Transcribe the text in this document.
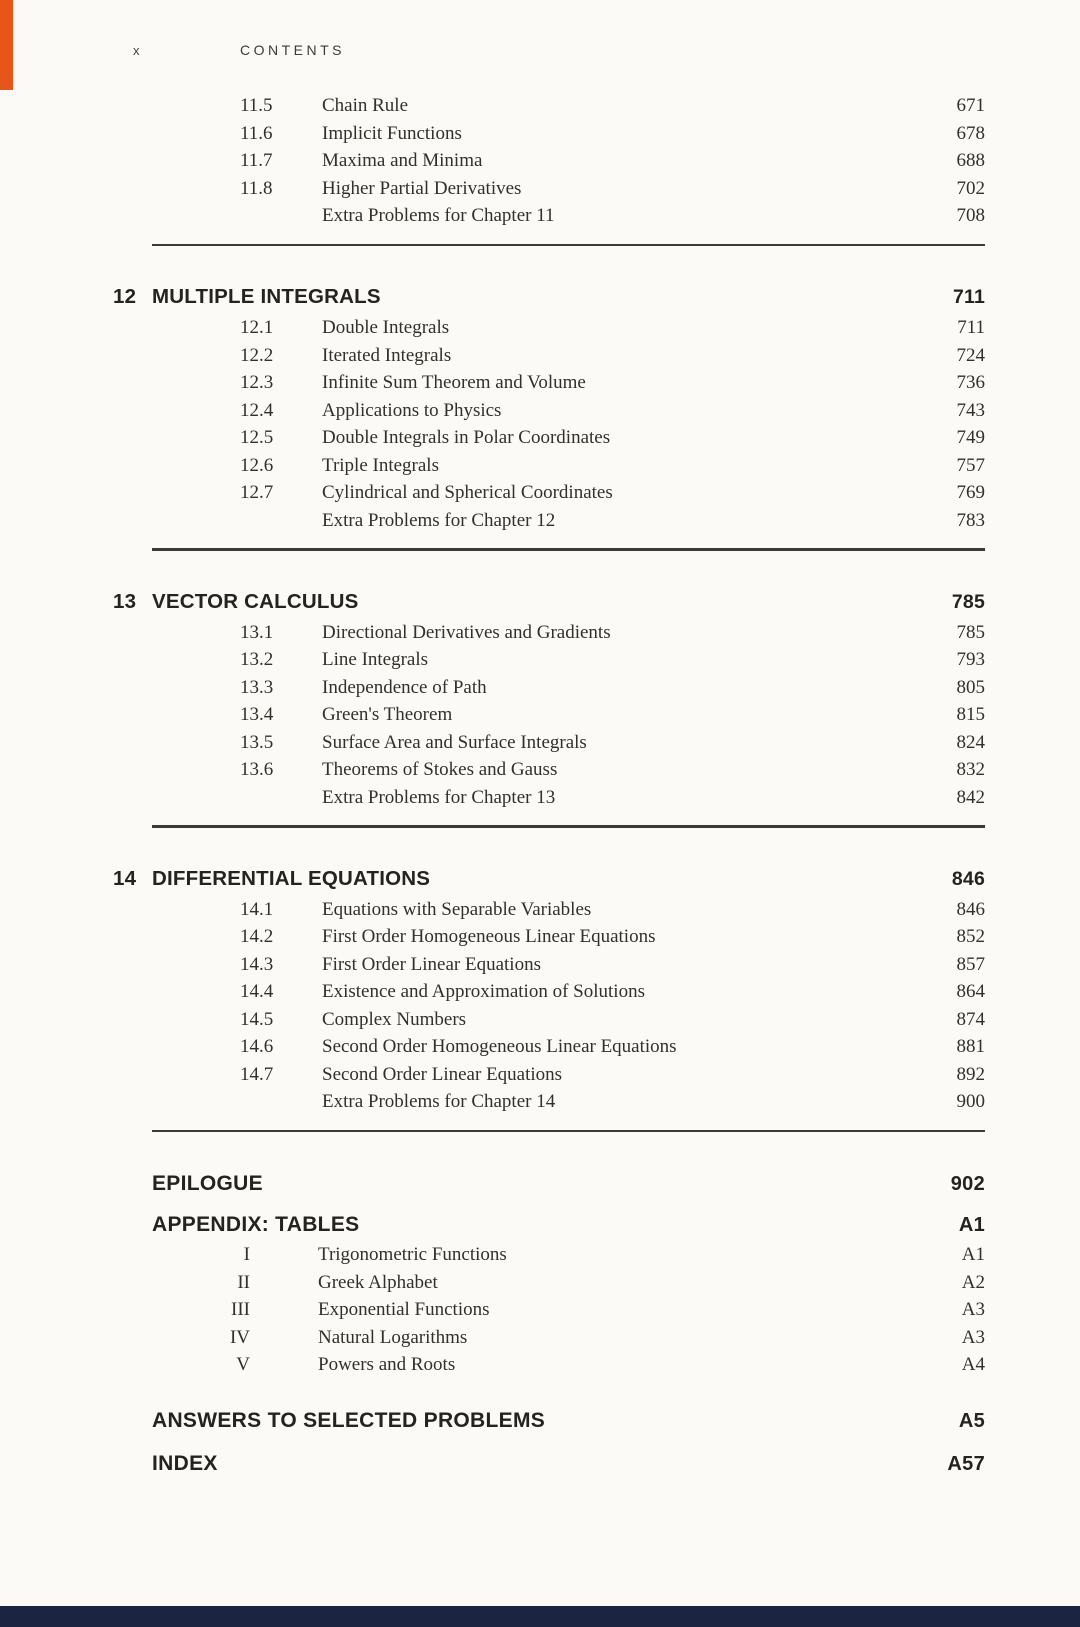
x	CONTENTS
11.5	Chain Rule	671
11.6	Implicit Functions	678
11.7	Maxima and Minima	688
11.8	Higher Partial Derivatives	702
Extra Problems for Chapter 11	708
12 MULTIPLE INTEGRALS	711
12.1	Double Integrals	711
12.2	Iterated Integrals	724
12.3	Infinite Sum Theorem and Volume	736
12.4	Applications to Physics	743
12.5	Double Integrals in Polar Coordinates	749
12.6	Triple Integrals	757
12.7	Cylindrical and Spherical Coordinates	769
Extra Problems for Chapter 12	783
13 VECTOR CALCULUS	785
13.1	Directional Derivatives and Gradients	785
13.2	Line Integrals	793
13.3	Independence of Path	805
13.4	Green's Theorem	815
13.5	Surface Area and Surface Integrals	824
13.6	Theorems of Stokes and Gauss	832
Extra Problems for Chapter 13	842
14 DIFFERENTIAL EQUATIONS	846
14.1	Equations with Separable Variables	846
14.2	First Order Homogeneous Linear Equations	852
14.3	First Order Linear Equations	857
14.4	Existence and Approximation of Solutions	864
14.5	Complex Numbers	874
14.6	Second Order Homogeneous Linear Equations	881
14.7	Second Order Linear Equations	892
Extra Problems for Chapter 14	900
EPILOGUE	902
APPENDIX: TABLES	A1
I	Trigonometric Functions	A1
II	Greek Alphabet	A2
III	Exponential Functions	A3
IV	Natural Logarithms	A3
V	Powers and Roots	A4
ANSWERS TO SELECTED PROBLEMS	A5
INDEX	A57
